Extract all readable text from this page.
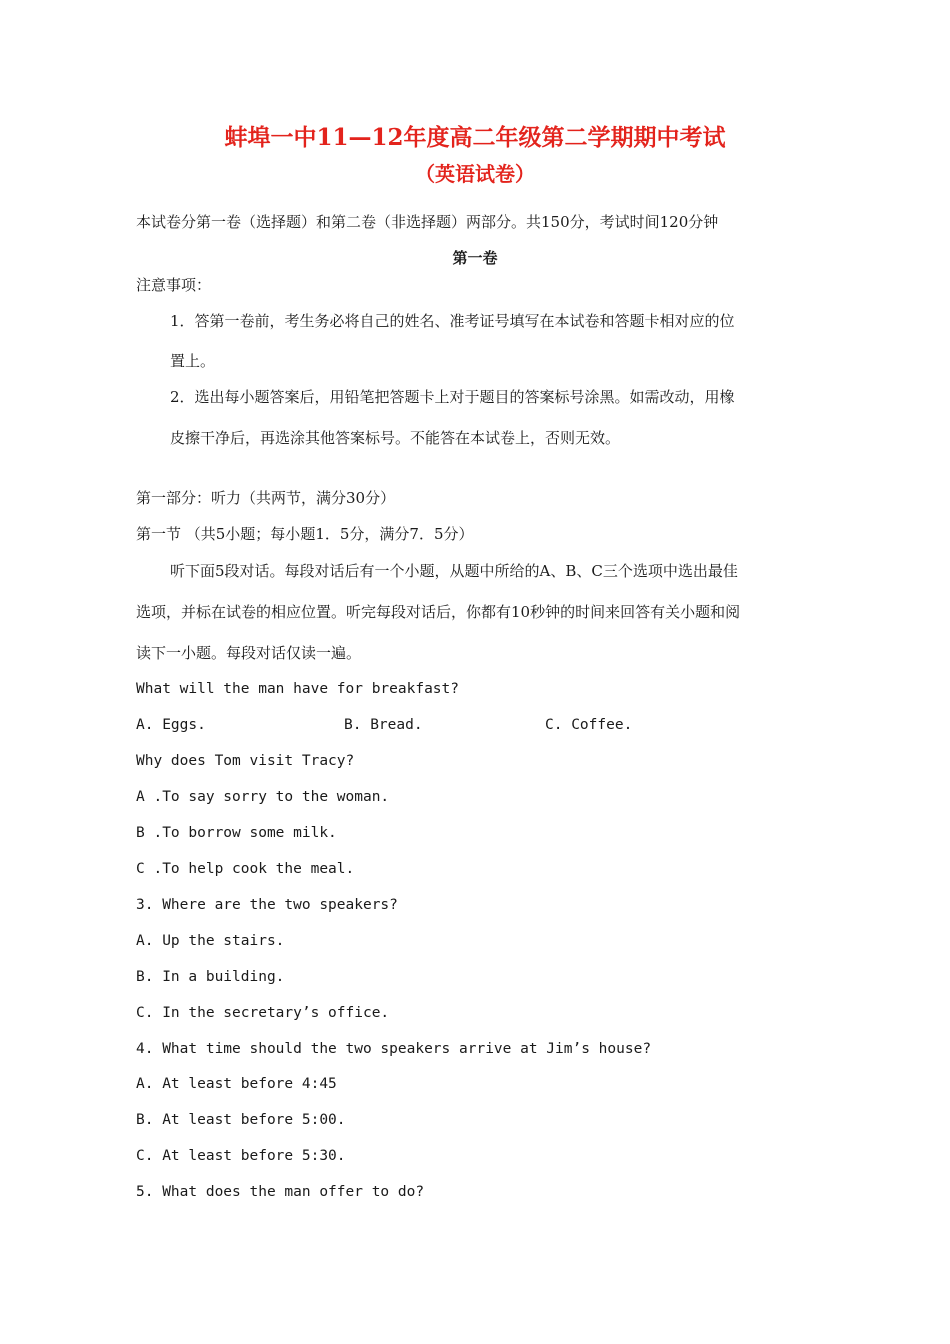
蚌埠一中11—12年度高二年级第二学期期中考试
（英语试卷）

本试卷分第一卷（选择题）和第二卷（非选择题）两部分。共150分，考试时间120分钟

第一卷

注意事项：

1．答第一卷前，考生务必将自己的姓名、准考证号填写在本试卷和答题卡相对应的位

置上。

2．选出每小题答案后，用铅笔把答题卡上对于题目的答案标号涂黑。如需改动，用橡

皮擦干净后，再选涂其他答案标号。不能答在本试卷上，否则无效。

第一部分：听力（共两节，满分30分）

第一节 （共5小题；每小题1．5分，满分7．5分）

听下面5段对话。每段对话后有一个小题，从题中所给的A、B、C三个选项中选出最佳

选项，并标在试卷的相应位置。听完每段对话后，你都有10秒钟的时间来回答有关小题和阅

读下一小题。每段对话仅读一遍。

What will the man have for breakfast?

A. Eggs.	B. Bread.	C. Coffee.

Why does Tom visit Tracy?

A .To say sorry to the woman.

B .To borrow some milk.

C .To help cook the meal.

3. Where are the two speakers?

A. Up the stairs.

B. In a building.

C. In the secretary’s office.

4. What time should the two speakers arrive at Jim’s house?

A. At least before 4:45

B. At least before 5:00.

C. At least before 5:30.

5. What does the man offer to do?
